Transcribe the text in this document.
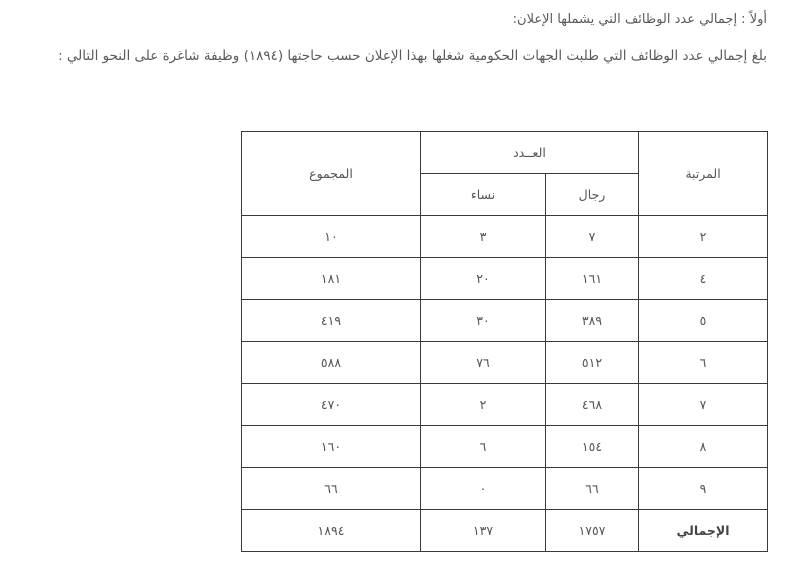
أولاً : إجمالي عدد الوظائف التي يشملها الإعلان:

بلغ إجمالي عدد الوظائف التي طلبت الجهات الحكومية شغلها بهذا الإعلان حسب حاجتها (١٨٩٤) وظيفة شاغرة على النحو التالي :

المرتبة	العــدد		المجموع
	رجال	نساء	
٢	٧	٣	١٠
٤	١٦١	٢٠	١٨١
٥	٣٨٩	٣٠	٤١٩
٦	٥١٢	٧٦	٥٨٨
٧	٤٦٨	٢	٤٧٠
٨	١٥٤	٦	١٦٠
٩	٦٦	٠	٦٦
الإجمالي	١٧٥٧	١٣٧	١٨٩٤
